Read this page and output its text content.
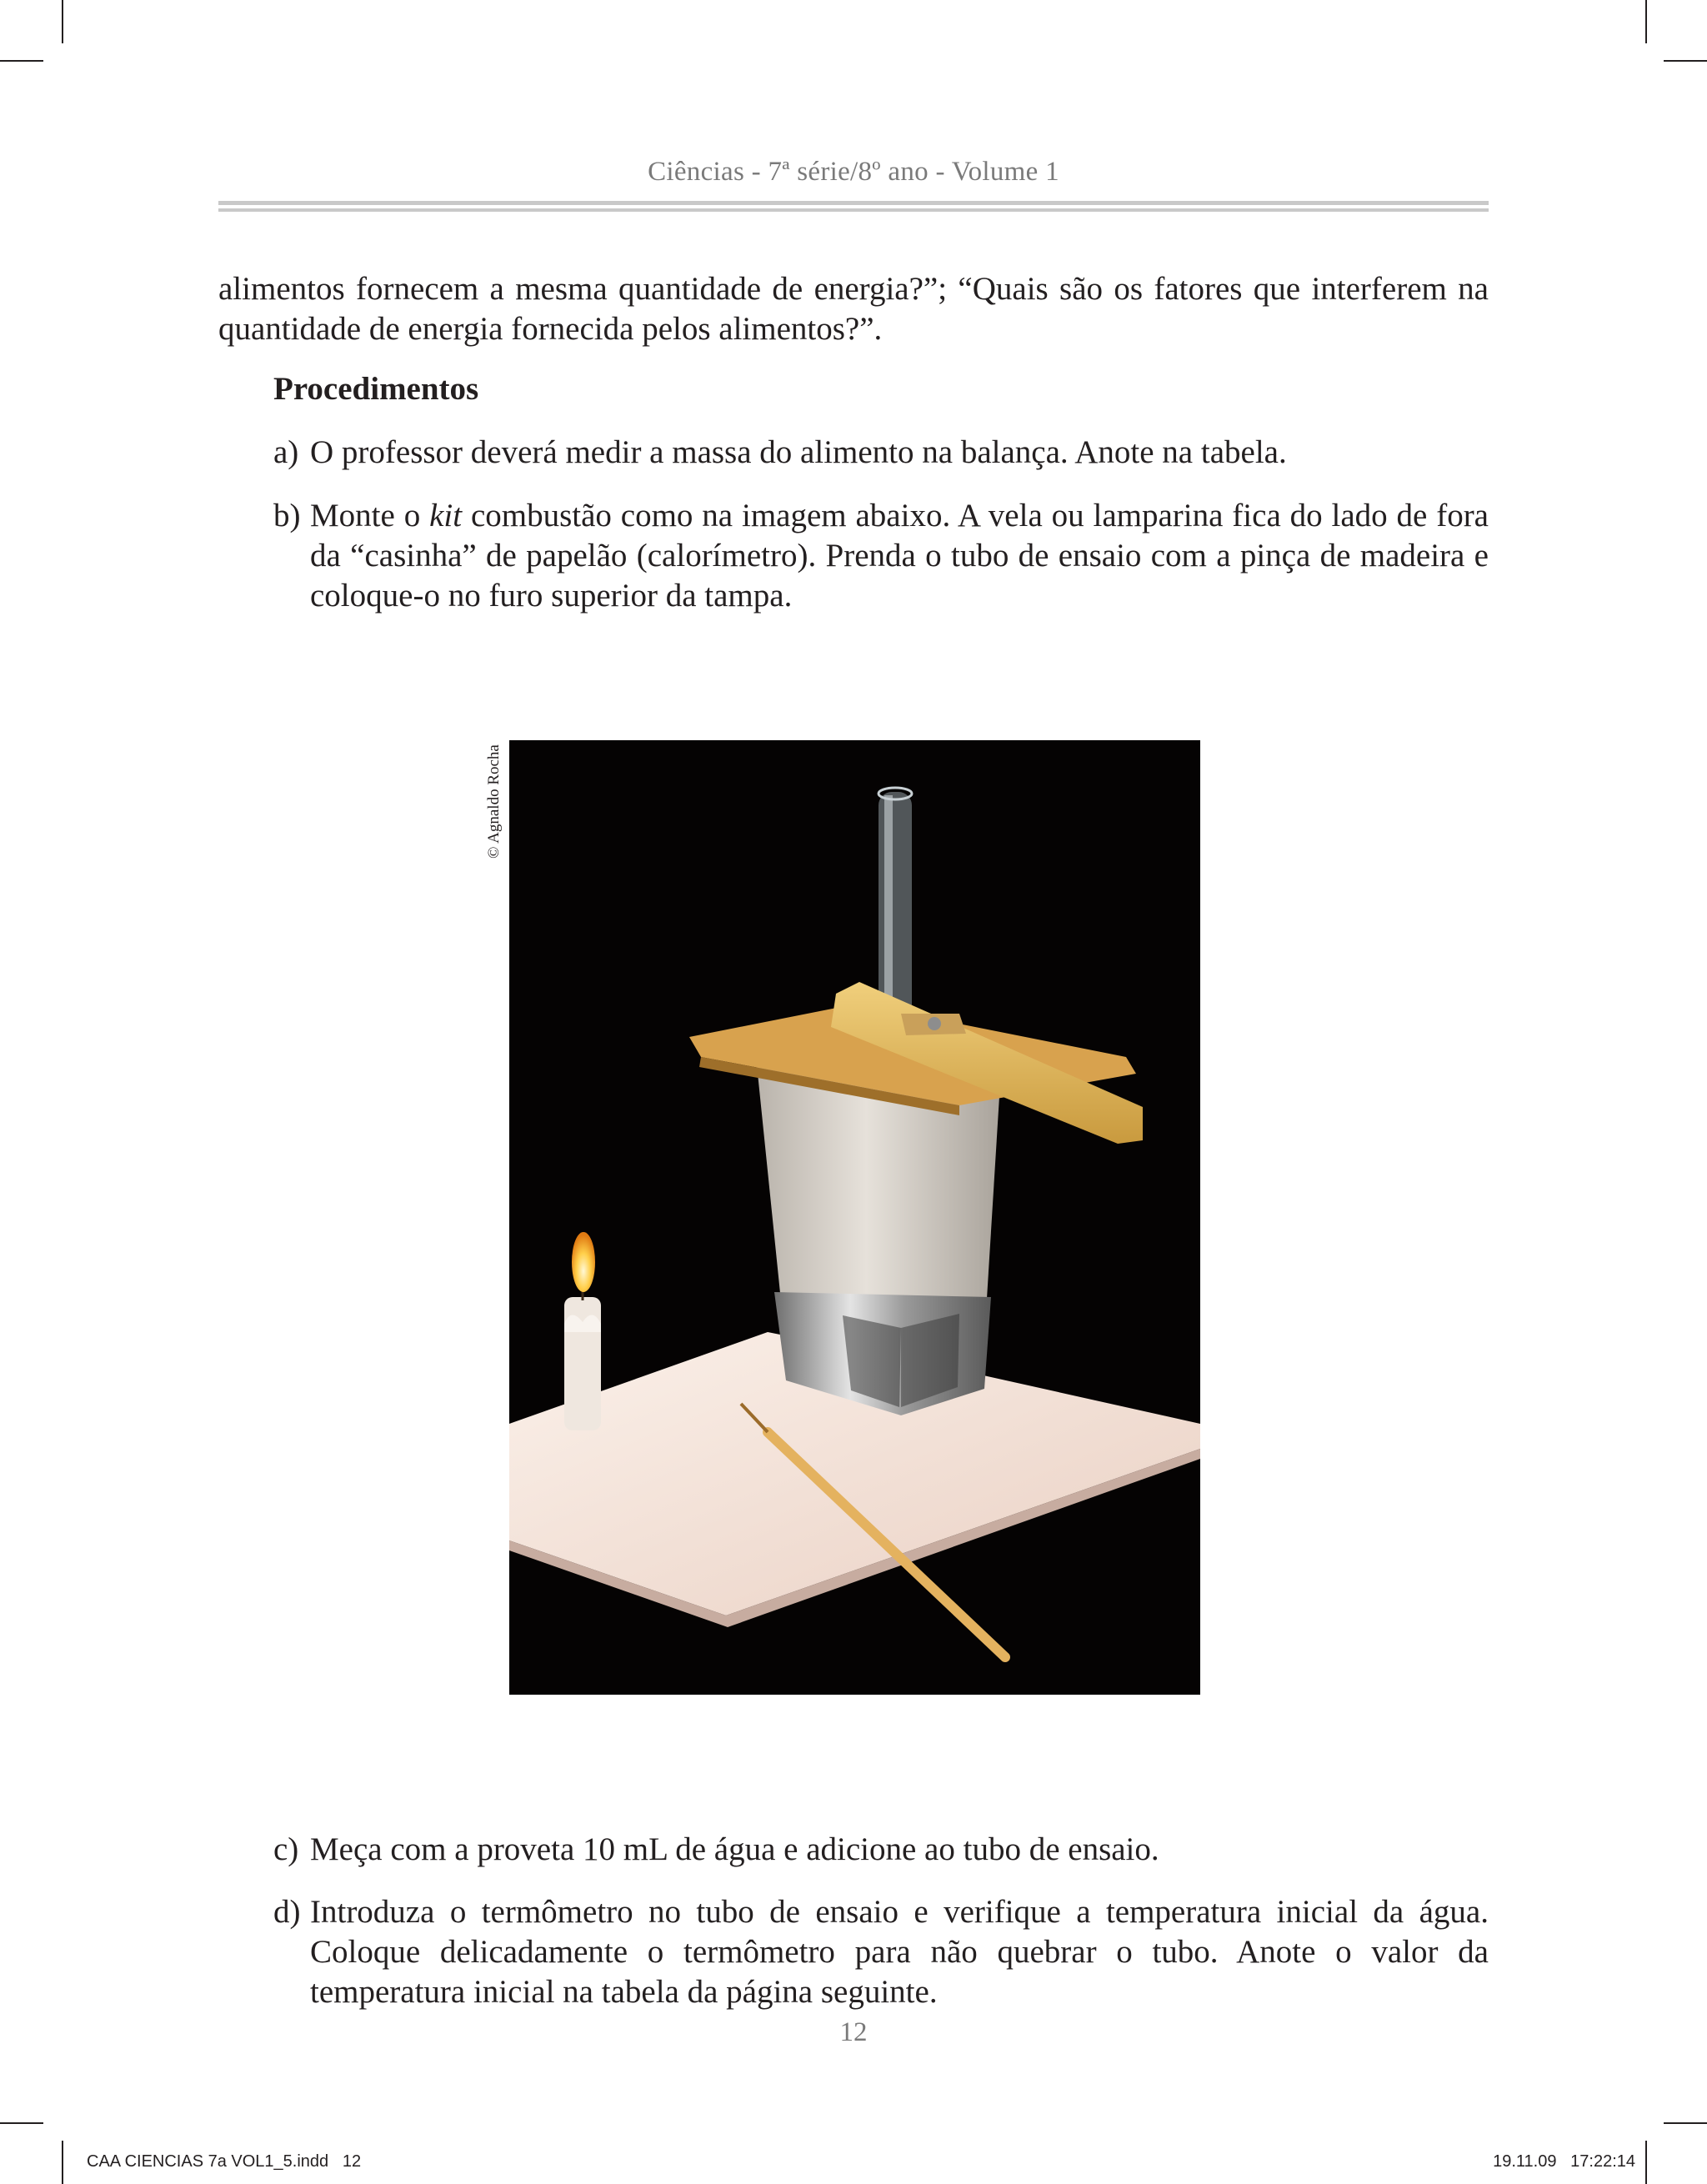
Ciências - 7ª série/8º ano - Volume 1
alimentos fornecem a mesma quantidade de energia?”; “Quais são os fatores que interferem na quantidade de energia fornecida pelos alimentos?”.
Procedimentos
a) O professor deverá medir a massa do alimento na balança. Anote na tabela.
b) Monte o kit combustão como na imagem abaixo. A vela ou lamparina fica do lado de fora da “casinha” de papelão (calorímetro). Prenda o tubo de ensaio com a pinça de madeira e coloque-o no furo superior da tampa.
© Agnaldo Rocha
c) Meça com a proveta 10 mL de água e adicione ao tubo de ensaio.
d) Introduza o termômetro no tubo de ensaio e verifique a temperatura inicial da água. Coloque delicadamente o termômetro para não quebrar o tubo. Anote o valor da temperatura inicial na tabela da página seguinte.
12
CAA CIENCIAS 7a VOL1_5.indd   12	19.11.09   17:22:14
